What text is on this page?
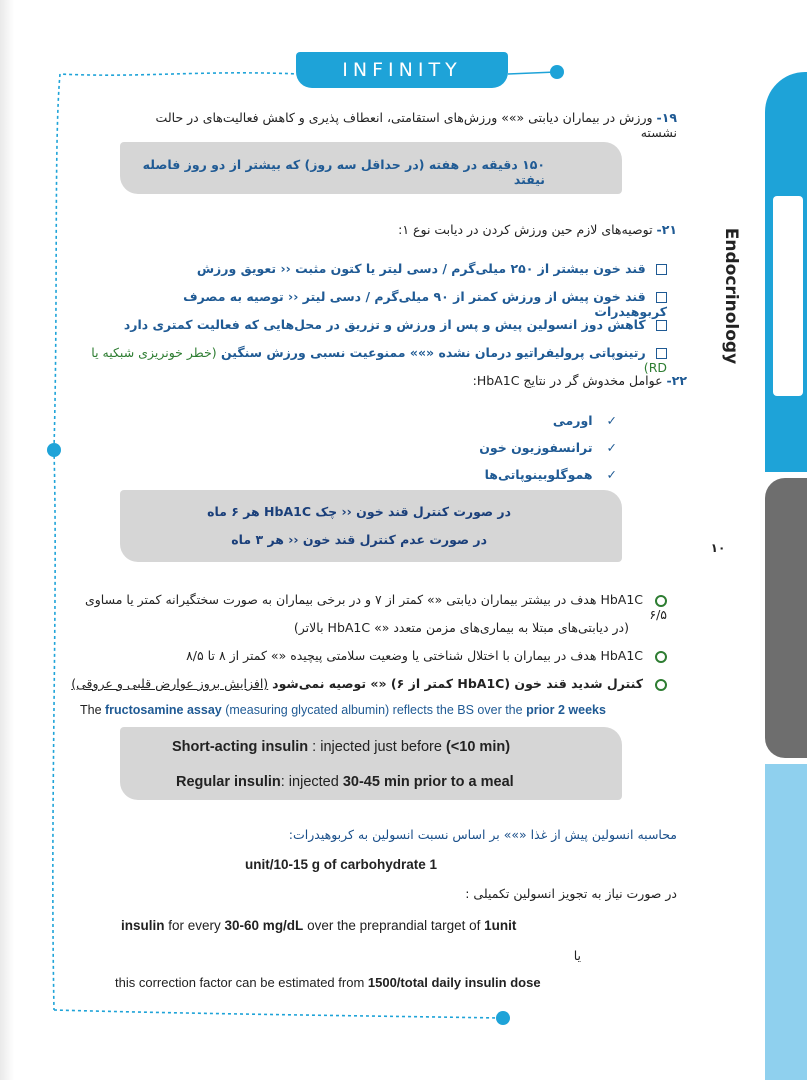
INFINITY
Endocrinology
۱۰
دکتر امیر بیرم جم
۱۹- ورزش در بیماران دیابتی «»» ورزش‌های استقامتی، انعطاف پذیری و کاهش فعالیت‌های در حالت نشسته
۱۵۰ دقیقه در هفته (در حداقل سه روز) که بیشتر از دو روز فاصله نیفتد
۲۱- توصیه‌های لازم حین ورزش کردن در دیابت نوع ۱:
قند خون بیشتر از ۲۵۰ میلی‌گرم / دسی لیتر یا کتون مثبت ‹‹ تعویق ورزش
قند خون پیش از ورزش کمتر از ۹۰ میلی‌گرم / دسی لیتر ‹‹ توصیه به مصرف کربوهیدرات
کاهش دوز انسولین پیش و پس از ورزش و تزریق در محل‌هایی که فعالیت کمتری دارد
رتینوپاتی پرولیفراتیو درمان نشده «»» ممنوعیت نسبی ورزش سنگین (خطر خونریزی شبکیه یا RD)
۲۲- عوامل مخدوش گر در نتایج HbA1C:
✓اورمی
✓ترانسفوزیون خون
✓هموگلوبینوپاتی‌ها
در صورت کنترل قند خون ‹‹ چک HbA1C هر ۶ ماه
در صورت عدم کنترل قند خون ‹‹ هر ۳ ماه
HbA1C هدف در بیشتر بیماران دیابتی «» کمتر از ۷ و در برخی بیماران به صورت سختگیرانه کمتر یا مساوی ۶/۵
(در دیابتی‌های مبتلا به بیماری‌های مزمن متعدد «» HbA1C بالاتر)
HbA1C هدف در بیماران با اختلال شناختی یا وضعیت سلامتی پیچیده «» کمتر از ۸ تا ۸/۵
کنترل شدید قند خون (HbA1C کمتر از ۶) «» توصیه نمی‌شود (افزایش بروز عوارض قلبی و عروقی)
The fructosamine assay (measuring glycated albumin) reflects the BS over the prior 2 weeks
Short-acting insulin : injected just before (<10 min)
Regular insulin: injected 30-45 min prior to a meal
محاسبه انسولین پیش از غذا «»» بر اساس نسبت انسولین به کربوهیدرات:
unit/10-15 g of carbohydrate 1
در صورت نیاز به تجویز انسولین تکمیلی :
insulin for every 30-60 mg/dL over the preprandial target of 1unit
یا
this correction factor can be estimated from 1500/total daily insulin dose
